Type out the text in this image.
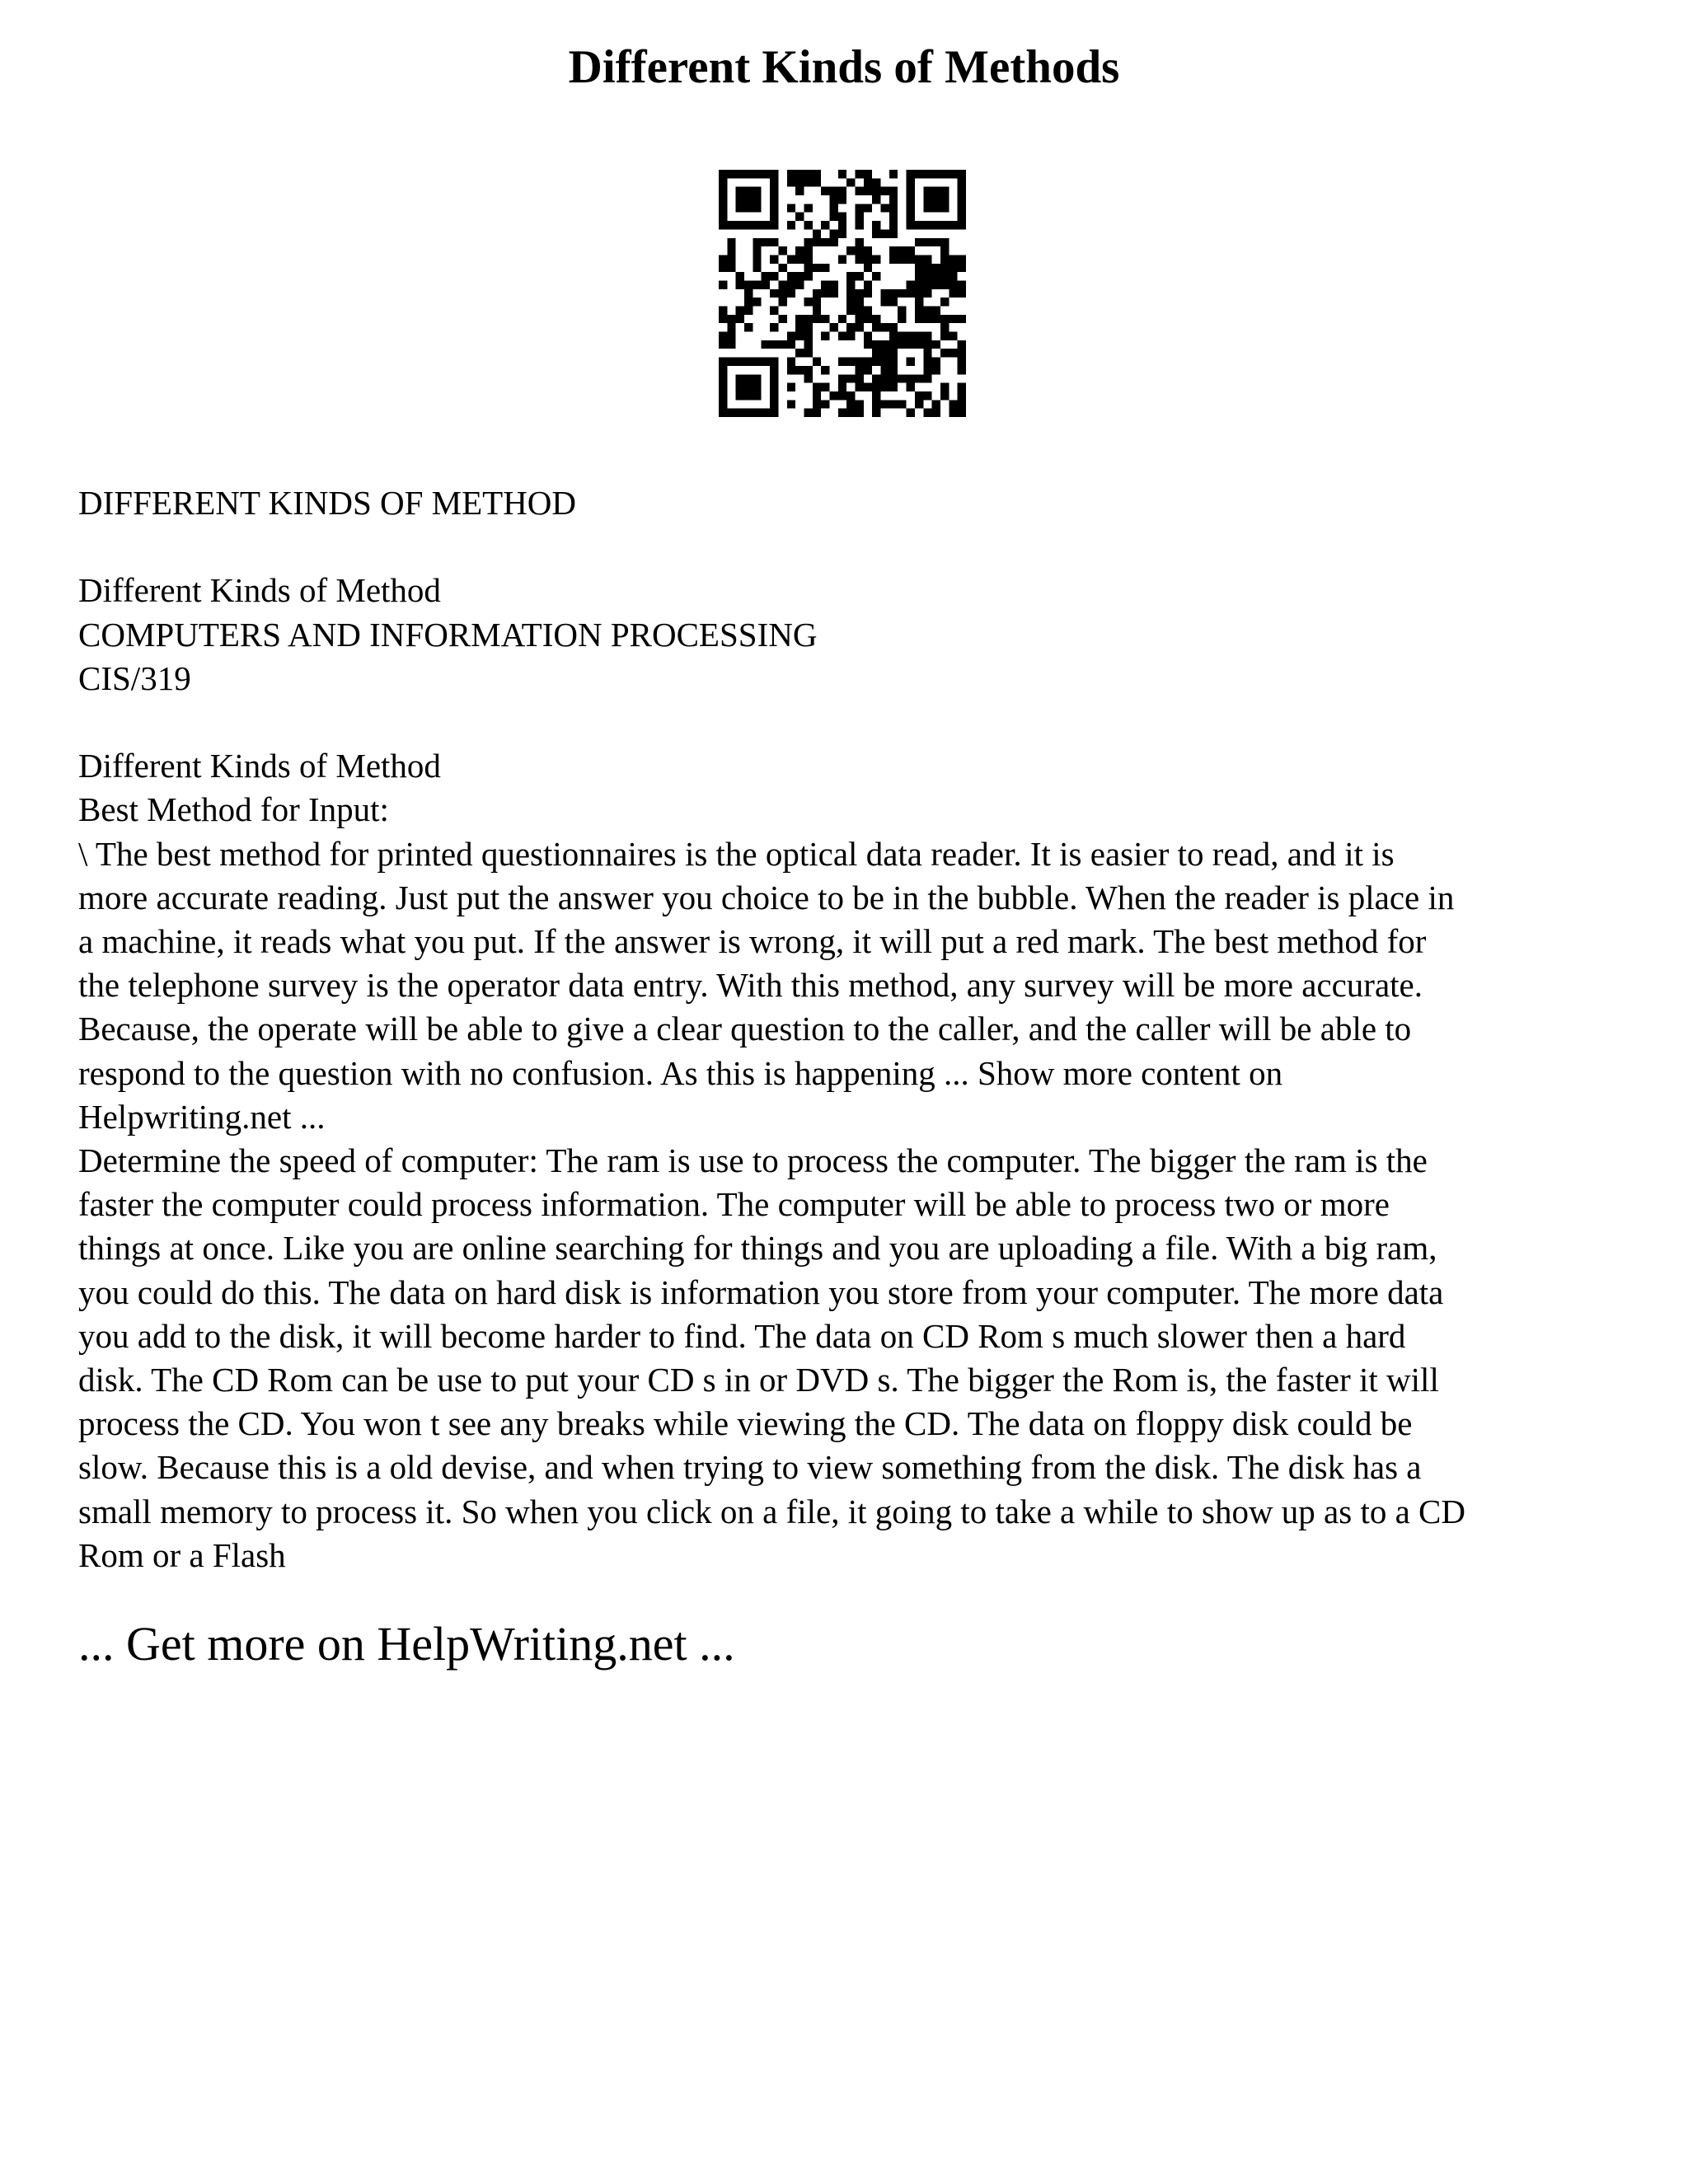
Different Kinds of Methods
DIFFERENT KINDS OF METHOD
Different Kinds of Method
COMPUTERS AND INFORMATION PROCESSING
CIS/319
Different Kinds of Method
Best Method for Input:
\ The best method for printed questionnaires is the optical data reader. It is easier to read, and it is
more accurate reading. Just put the answer you choice to be in the bubble. When the reader is place in
a machine, it reads what you put. If the answer is wrong, it will put a red mark. The best method for
the telephone survey is the operator data entry. With this method, any survey will be more accurate.
Because, the operate will be able to give a clear question to the caller, and the caller will be able to
respond to the question with no confusion. As this is happening ... Show more content on
Helpwriting.net ...
Determine the speed of computer: The ram is use to process the computer. The bigger the ram is the
faster the computer could process information. The computer will be able to process two or more
things at once. Like you are online searching for things and you are uploading a file. With a big ram,
you could do this. The data on hard disk is information you store from your computer. The more data
you add to the disk, it will become harder to find. The data on CD Rom s much slower then a hard
disk. The CD Rom can be use to put your CD s in or DVD s. The bigger the Rom is, the faster it will
process the CD. You won t see any breaks while viewing the CD. The data on floppy disk could be
slow. Because this is a old devise, and when trying to view something from the disk. The disk has a
small memory to process it. So when you click on a file, it going to take a while to show up as to a CD
Rom or a Flash
... Get more on HelpWriting.net ...
